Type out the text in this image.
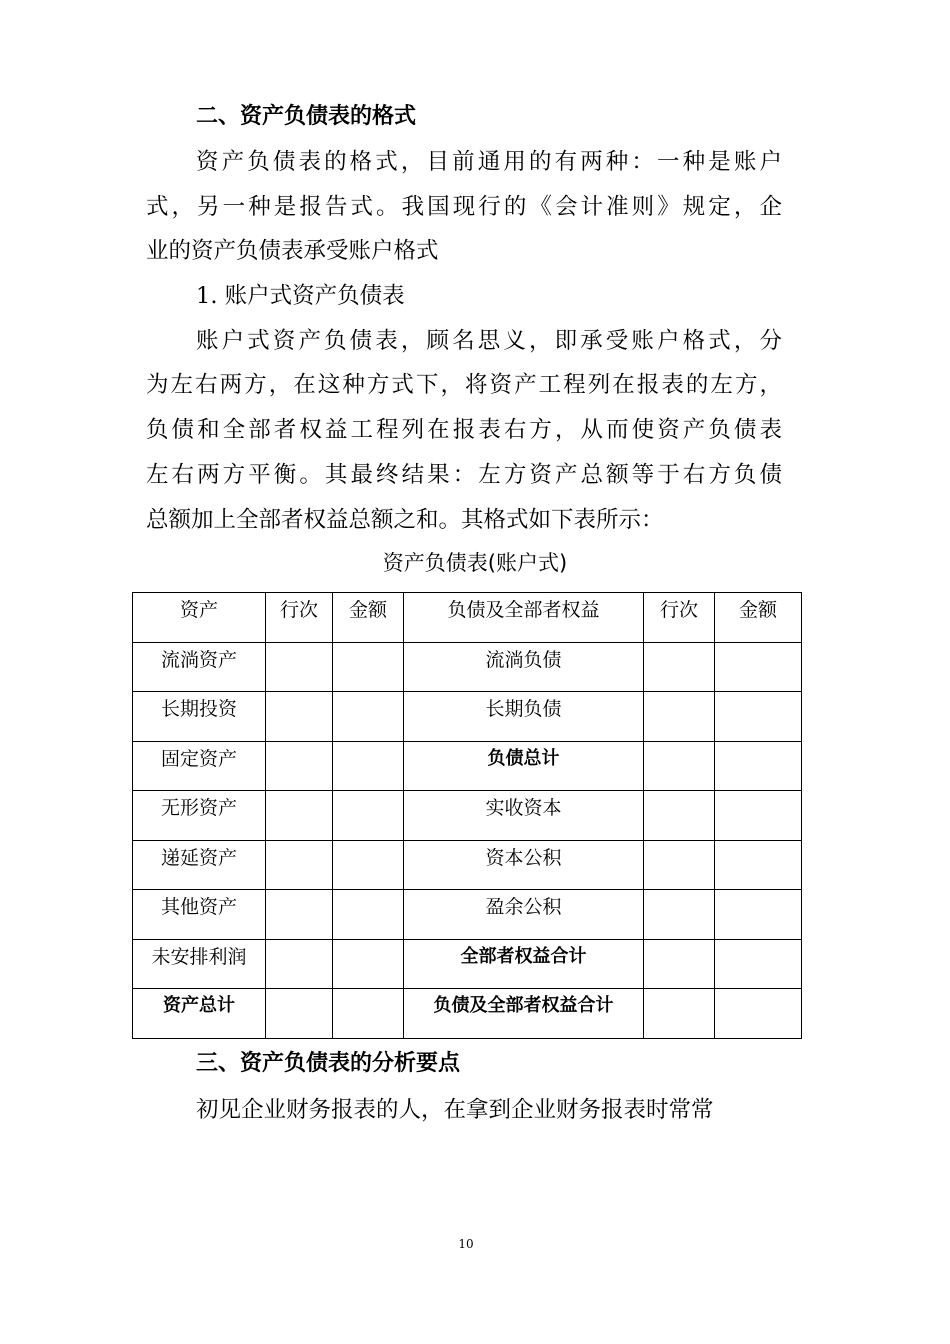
二、资产负债表的格式
资产负债表的格式，目前通用的有两种：一种是账户
式，另一种是报告式。我国现行的《会计准则》规定，企
业的资产负债表承受账户格式
1. 账户式资产负债表
账户式资产负债表，顾名思义，即承受账户格式，分
为左右两方，在这种方式下，将资产工程列在报表的左方，
负债和全部者权益工程列在报表右方，从而使资产负债表
左右两方平衡。其最终结果：左方资产总额等于右方负债
总额加上全部者权益总额之和。其格式如下表所示：
资产负债表(账户式)
资产	行次	金额	负债及全部者权益	行次	金额
流淌资产			流淌负债		
长期投资			长期负债		
固定资产			负债总计		
无形资产			实收资本		
递延资产			资本公积		
其他资产			盈余公积		
未安排利润			全部者权益合计		
资产总计			负债及全部者权益合计		
三、资产负债表的分析要点
初见企业财务报表的人，在拿到企业财务报表时常常
10
